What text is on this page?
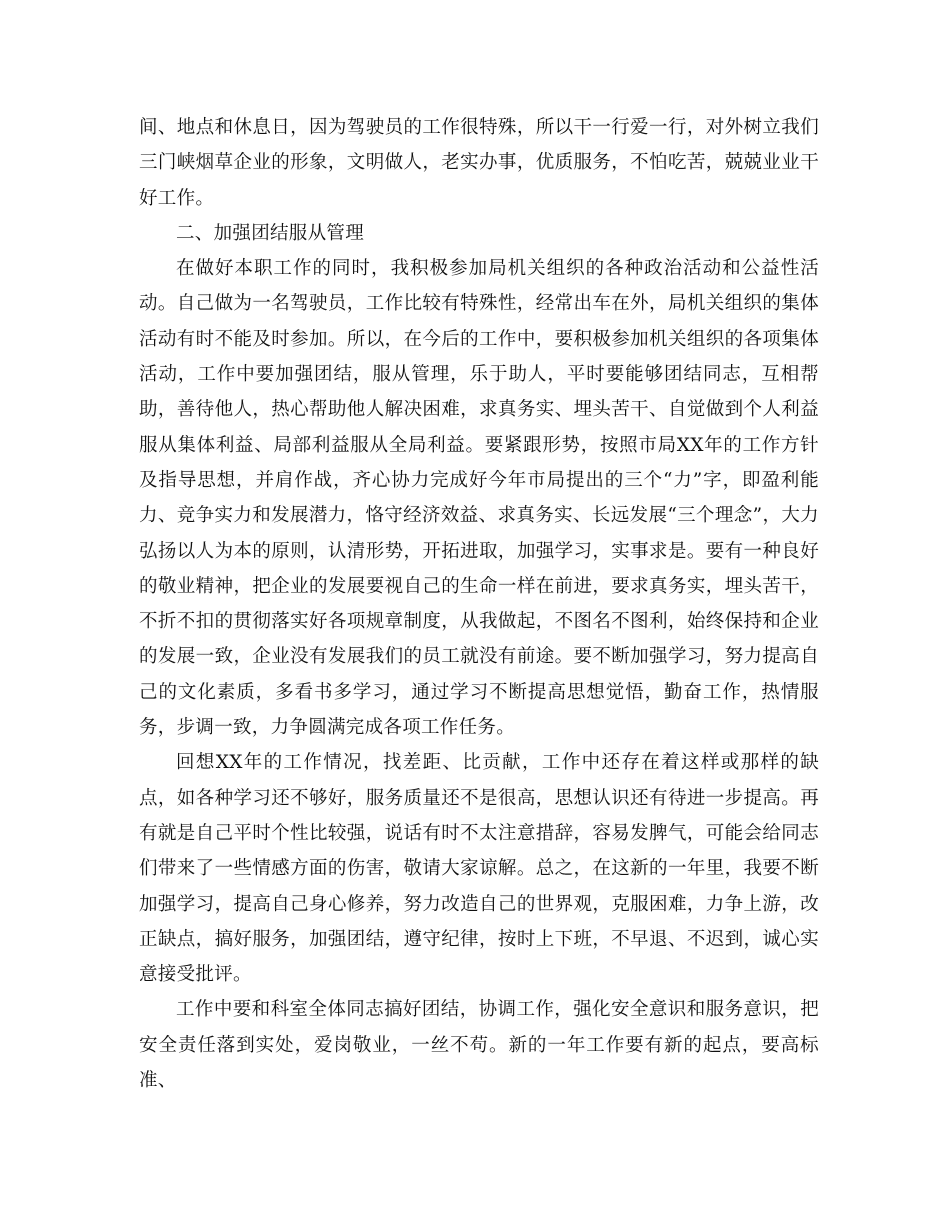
间、地点和休息日，因为驾驶员的工作很特殊，所以干一行爱一行，对外树立我们三门峡烟草企业的形象，文明做人，老实办事，优质服务，不怕吃苦，兢兢业业干好工作。

二、加强团结服从管理

在做好本职工作的同时，我积极参加局机关组织的各种政治活动和公益性活动。自己做为一名驾驶员，工作比较有特殊性，经常出车在外，局机关组织的集体活动有时不能及时参加。所以，在今后的工作中，要积极参加机关组织的各项集体活动，工作中要加强团结，服从管理，乐于助人，平时要能够团结同志，互相帮助，善待他人，热心帮助他人解决困难，求真务实、埋头苦干、自觉做到个人利益服从集体利益、局部利益服从全局利益。要紧跟形势，按照市局XX年的工作方针及指导思想，并肩作战，齐心协力完成好今年市局提出的三个“力”字，即盈利能力、竞争实力和发展潜力，恪守经济效益、求真务实、长远发展“三个理念”，大力弘扬以人为本的原则，认清形势，开拓进取，加强学习，实事求是。要有一种良好的敬业精神，把企业的发展要视自己的生命一样在前进，要求真务实，埋头苦干，不折不扣的贯彻落实好各项规章制度，从我做起，不图名不图利，始终保持和企业的发展一致，企业没有发展我们的员工就没有前途。要不断加强学习，努力提高自己的文化素质，多看书多学习，通过学习不断提高思想觉悟，勤奋工作，热情服务，步调一致，力争圆满完成各项工作任务。

回想XX年的工作情况，找差距、比贡献，工作中还存在着这样或那样的缺点，如各种学习还不够好，服务质量还不是很高，思想认识还有待进一步提高。再有就是自己平时个性比较强，说话有时不太注意措辞，容易发脾气，可能会给同志们带来了一些情感方面的伤害，敬请大家谅解。总之，在这新的一年里，我要不断加强学习，提高自己身心修养，努力改造自己的世界观，克服困难，力争上游，改正缺点，搞好服务，加强团结，遵守纪律，按时上下班，不早退、不迟到，诚心实意接受批评。

工作中要和科室全体同志搞好团结，协调工作，强化安全意识和服务意识，把安全责任落到实处，爱岗敬业，一丝不苟。新的一年工作要有新的起点，要高标准、
